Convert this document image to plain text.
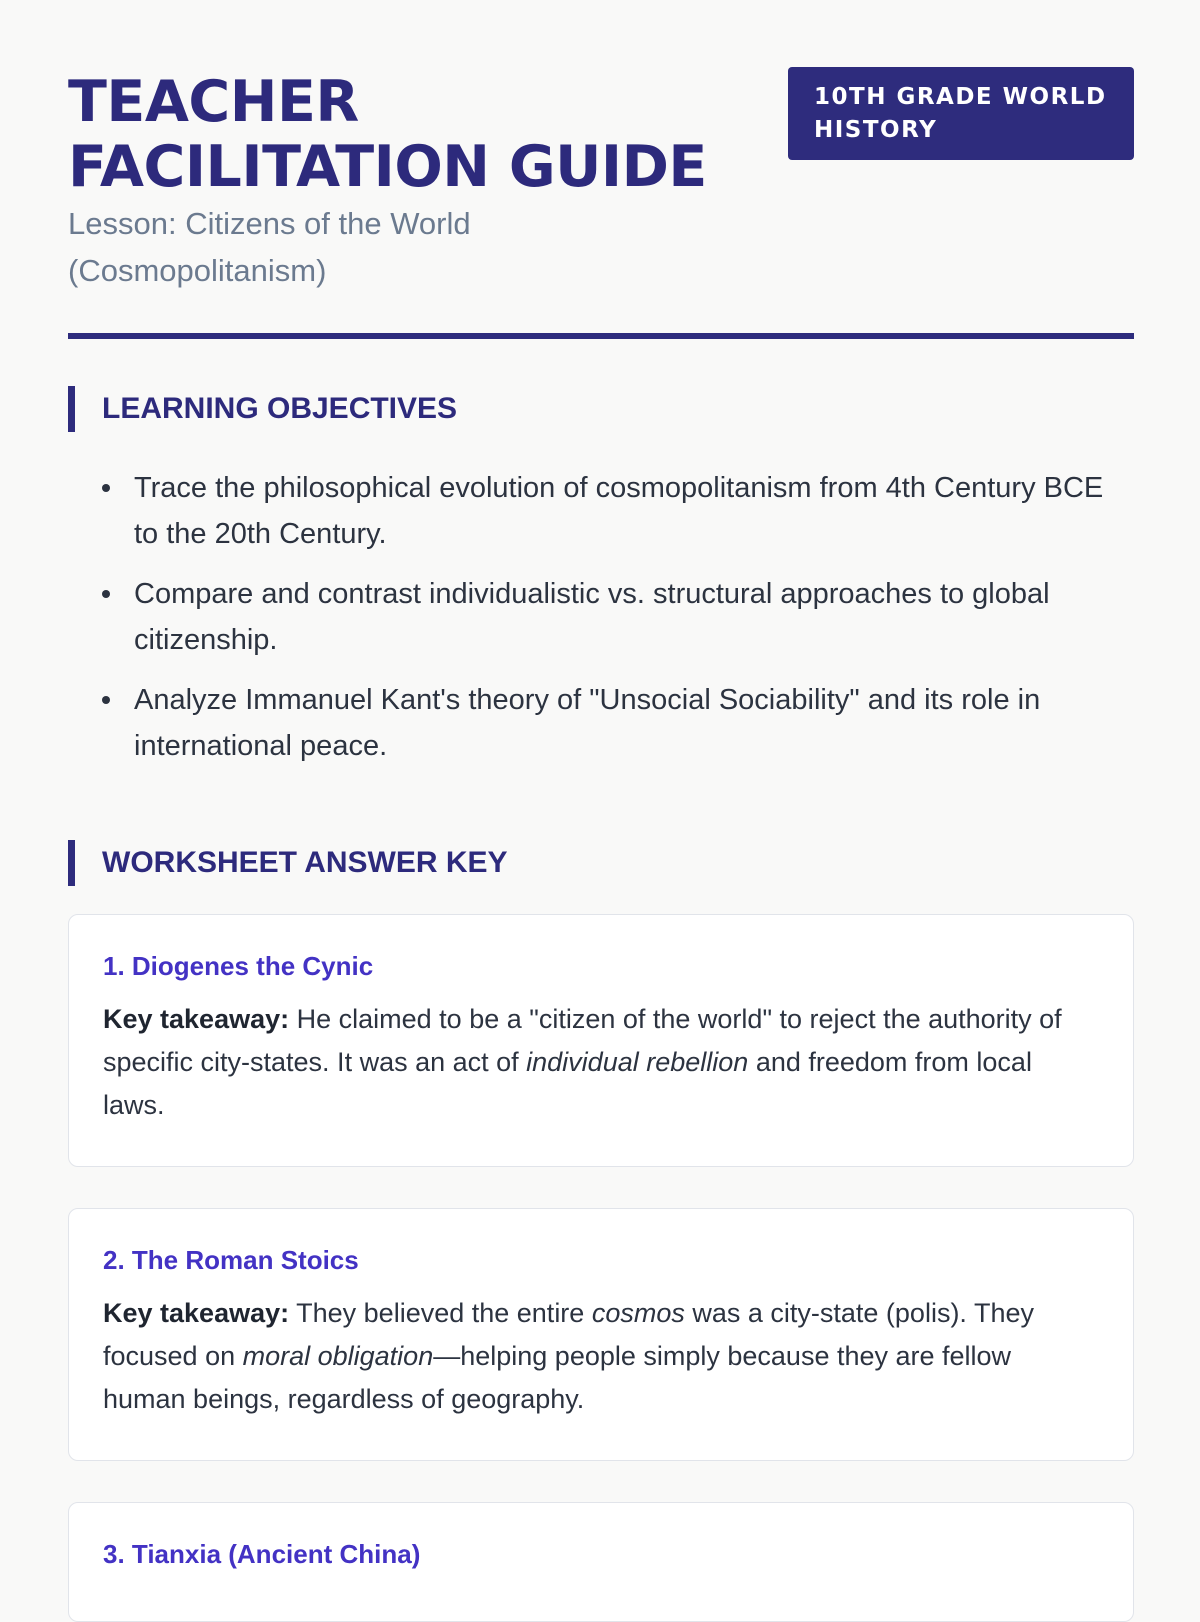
TEACHER
FACILITATION GUIDE
Lesson: Citizens of the World (Cosmopolitanism)
10TH GRADE WORLD HISTORY
LEARNING OBJECTIVES
Trace the philosophical evolution of cosmopolitanism from 4th Century BCE to the 20th Century.
Compare and contrast individualistic vs. structural approaches to global citizenship.
Analyze Immanuel Kant's theory of "Unsocial Sociability" and its role in international peace.
WORKSHEET ANSWER KEY
1. Diogenes the Cynic

Key takeaway: He claimed to be a "citizen of the world" to reject the authority of specific city-states. It was an act of individual rebellion and freedom from local laws.

2. The Roman Stoics

Key takeaway: They believed the entire cosmos was a city-state (polis). They focused on moral obligation—helping people simply because they are fellow human beings, regardless of geography.

3. Tianxia (Ancient China)
